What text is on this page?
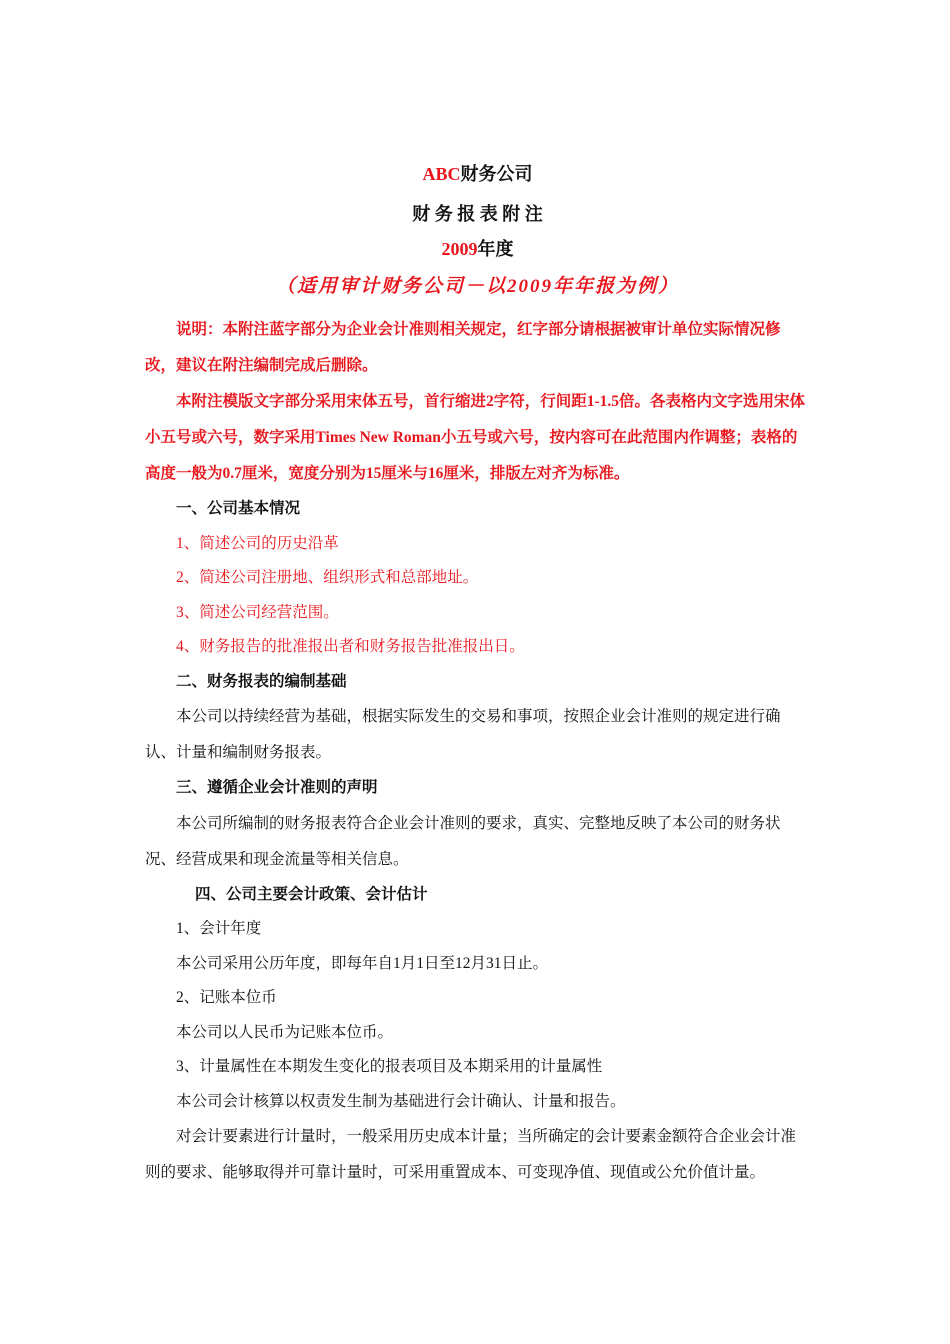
ABC财务公司
财 务 报 表 附 注
2009年度
（适用审计财务公司－以2009年年报为例）

说明：本附注蓝字部分为企业会计准则相关规定，红字部分请根据被审计单位实际情况修改，建议在附注编制完成后删除。

本附注模版文字部分采用宋体五号，首行缩进2字符，行间距1-1.5倍。各表格内文字选用宋体小五号或六号，数字采用Times New Roman小五号或六号，按内容可在此范围内作调整；表格的高度一般为0.7厘米，宽度分别为15厘米与16厘米，排版左对齐为标准。

一、公司基本情况
1、简述公司的历史沿革
2、简述公司注册地、组织形式和总部地址。
3、简述公司经营范围。
4、财务报告的批准报出者和财务报告批准报出日。
二、财务报表的编制基础

本公司以持续经营为基础，根据实际发生的交易和事项，按照企业会计准则的规定进行确认、计量和编制财务报表。

三、遵循企业会计准则的声明

本公司所编制的财务报表符合企业会计准则的要求，真实、完整地反映了本公司的财务状况、经营成果和现金流量等相关信息。

四、公司主要会计政策、会计估计
1、会计年度
本公司采用公历年度，即每年自1月1日至12月31日止。
2、记账本位币
本公司以人民币为记账本位币。
3、计量属性在本期发生变化的报表项目及本期采用的计量属性
本公司会计核算以权责发生制为基础进行会计确认、计量和报告。

对会计要素进行计量时，一般采用历史成本计量；当所确定的会计要素金额符合企业会计准则的要求、能够取得并可靠计量时，可采用重置成本、可变现净值、现值或公允价值计量。
